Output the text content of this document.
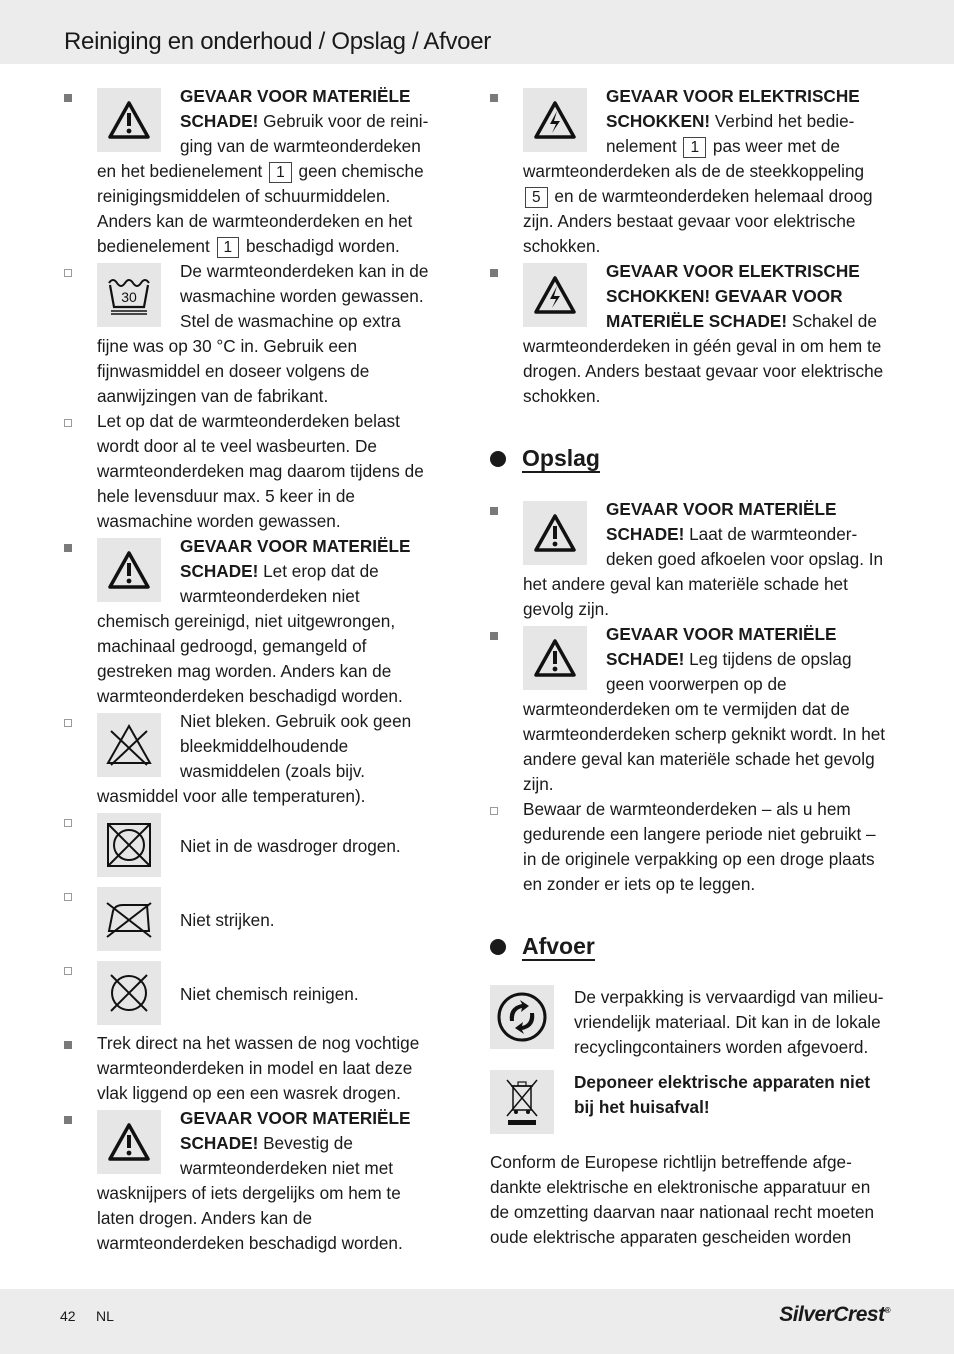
Reiniging en onderhoud / Opslag / Afvoer
GEVAAR VOOR MATERIËLE SCHADE! Gebruik voor de reiniging van de warmteonderdeken en het bedienelement 1 geen chemische reinigingsmiddelen of schuurmiddelen. Anders kan de warmteonderdeken en het bedienelement 1 beschadigd worden.
30
De warmteonderdeken kan in de wasmachine worden gewassen. Stel de wasmachine op extra fijne was op 30 °C in. Gebruik een fijnwasmiddel en doseer volgens de aanwijzingen van de fabrikant.
Let op dat de warmteonderdeken belast wordt door al te veel wasbeurten. De warmteonderdeken mag daarom tijdens de hele levensduur max. 5 keer in de wasmachine worden gewassen.
GEVAAR VOOR MATERIËLE SCHADE! Let erop dat de warmteonderdeken niet chemisch gereinigd, niet uitgewrongen, machinaal gedroogd, gemangeld of gestreken mag worden. Anders kan de warmteonderdeken beschadigd worden.
Niet bleken. Gebruik ook geen bleekmiddelhoudende wasmiddelen (zoals bijv. wasmiddel voor alle temperaturen).
Niet in de wasdroger drogen.
Niet strijken.
Niet chemisch reinigen.
Trek direct na het wassen de nog vochtige warmteonderdeken in model en laat deze vlak liggend op een een wasrek drogen.
GEVAAR VOOR MATERIËLE SCHADE! Bevestig de warmteonderdeken niet met wasknijpers of iets dergelijks om hem te laten drogen. Anders kan de warmteonderdeken beschadigd worden.
GEVAAR VOOR ELEKTRISCHE SCHOKKEN! Verbind het bedienelement 1 pas weer met de warmteonderdeken als de de steekkoppeling 5 en de warmteonderdeken helemaal droog zijn. Anders bestaat gevaar voor elektrische schokken.
GEVAAR VOOR ELEKTRISCHE SCHOKKEN! GEVAAR VOOR MATERIËLE SCHADE! Schakel de warmteonderdeken in géén geval in om hem te drogen. Anders bestaat gevaar voor elektrische schokken.
Opslag
GEVAAR VOOR MATERIËLE SCHADE! Laat de warmteonderdeken goed afkoelen voor opslag. In het andere geval kan materiële schade het gevolg zijn.
GEVAAR VOOR MATERIËLE SCHADE! Leg tijdens de opslag geen voorwerpen op de warmteonderdeken om te vermijden dat de warmteonderdeken scherp geknikt wordt. In het andere geval kan materiële schade het gevolg zijn.
Bewaar de warmteonderdeken – als u hem gedurende een langere periode niet gebruikt – in de originele verpakking op een droge plaats en zonder er iets op te leggen.
Afvoer
De verpakking is vervaardigd van milieuvriendelijk materiaal. Dit kan in de lokale recyclingcontainers worden afgevoerd.
Deponeer elektrische apparaten niet bij het huisafval!
Conform de Europese richtlijn betreffende afgedankte elektrische en elektronische apparatuur en de omzetting daarvan naar nationaal recht moeten oude elektrische apparaten gescheiden worden
42 NL	SilverCrest®
